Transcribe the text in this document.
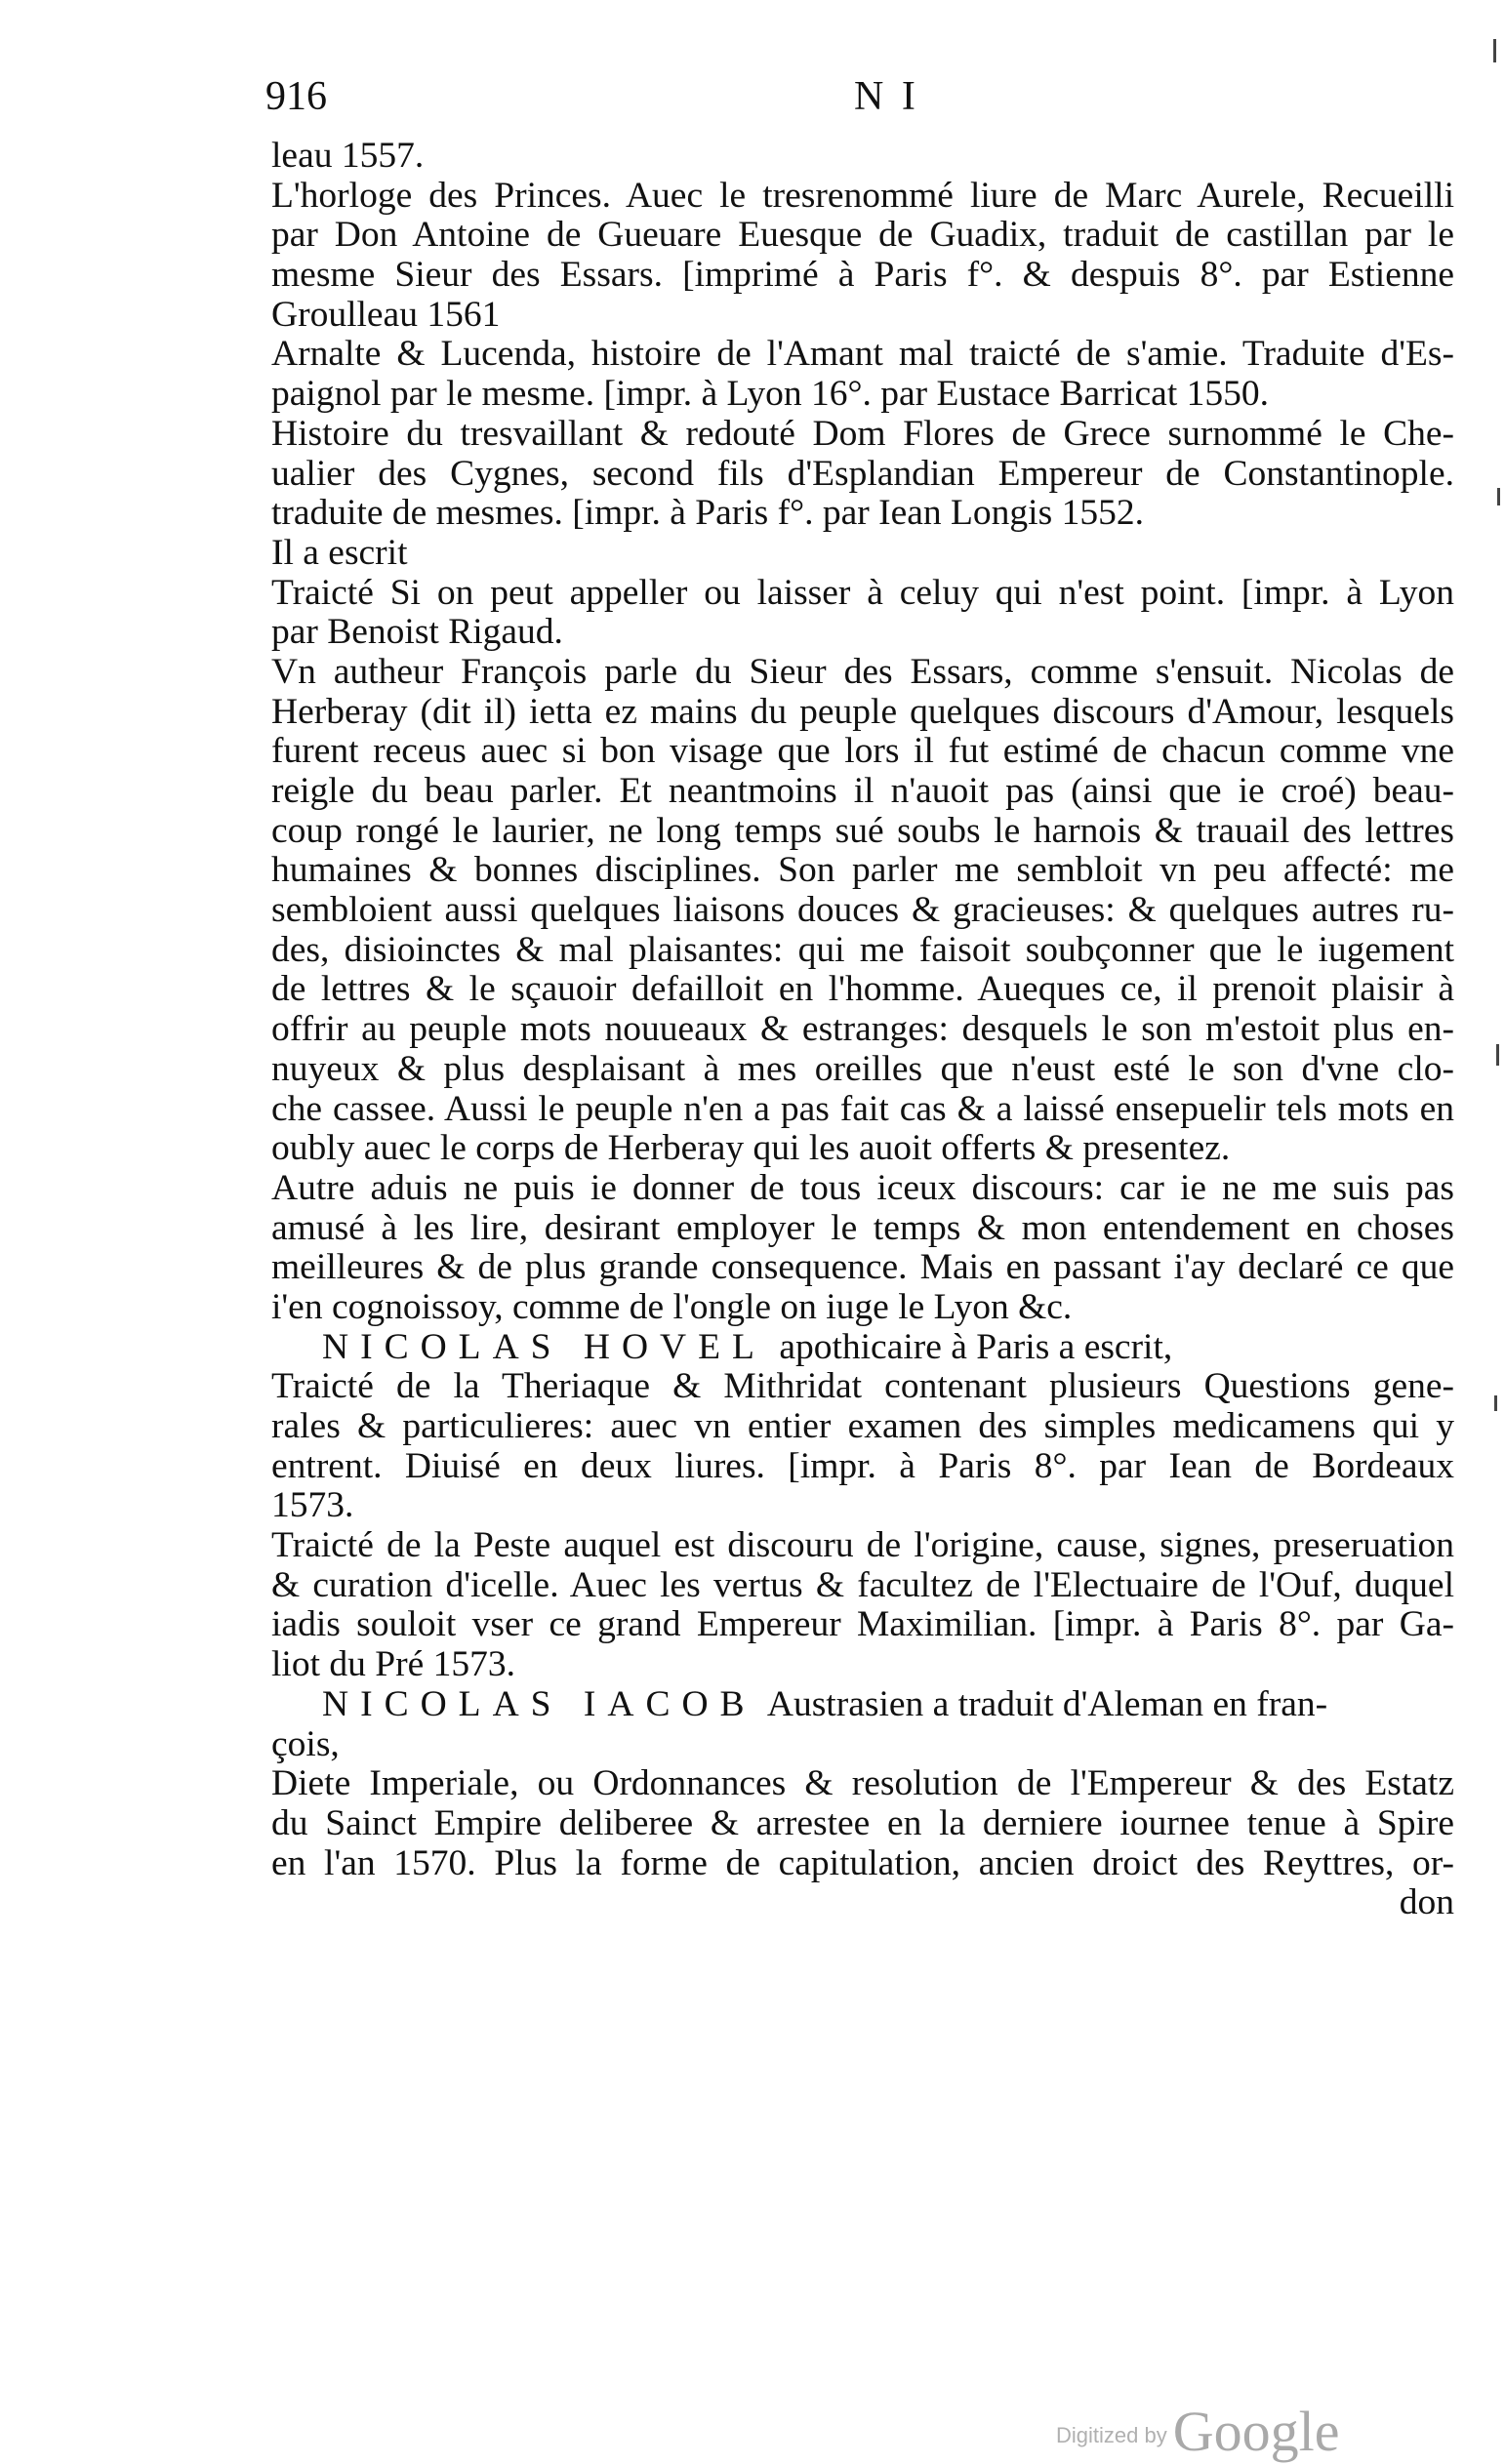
916	N I
leau 1557.
L'horloge des Princes. Auec le tresrenommé liure de Marc Aurele, Recueilli
par Don Antoine de Gueuare Euesque de Guadix, traduit de castillan par le
mesme Sieur des Essars. [imprimé à Paris f°. & despuis 8°. par Estienne
Groulleau 1561
Arnalte & Lucenda, histoire de l'Amant mal traicté de s'amie. Traduite d'Es-
paignol par le mesme. [impr. à Lyon 16°. par Eustace Barricat 1550.
Histoire du tresvaillant & redouté Dom Flores de Grece surnommé le Che-
ualier des Cygnes, second fils d'Esplandian Empereur de Constantinople.
traduite de mesmes. [impr. à Paris f°. par Iean Longis 1552.
Il a escrit
Traicté Si on peut appeller ou laisser à celuy qui n'est point. [impr. à Lyon
par Benoist Rigaud.
Vn autheur François parle du Sieur des Essars, comme s'ensuit. Nicolas de
Herberay (dit il) ietta ez mains du peuple quelques discours d'Amour, lesquels
furent receus auec si bon visage que lors il fut estimé de chacun comme vne
reigle du beau parler. Et neantmoins il n'auoit pas (ainsi que ie croé) beau-
coup rongé le laurier, ne long temps sué soubs le harnois & trauail des lettres
humaines & bonnes disciplines. Son parler me sembloit vn peu affecté: me
sembloient aussi quelques liaisons douces & gracieuses: & quelques autres ru-
des, disioinctes & mal plaisantes: qui me faisoit soubçonner que le iugement
de lettres & le sçauoir defailloit en l'homme. Aueques ce, il prenoit plaisir à
offrir au peuple mots nouueaux & estranges: desquels le son m'estoit plus en-
nuyeux & plus desplaisant à mes oreilles que n'eust esté le son d'vne clo-
che cassee. Aussi le peuple n'en a pas fait cas & a laissé ensepuelir tels mots en
oubly auec le corps de Herberay qui les auoit offerts & presentez.
Autre aduis ne puis ie donner de tous iceux discours: car ie ne me suis pas
amusé à les lire, desirant employer le temps & mon entendement en choses
meilleures & de plus grande consequence. Mais en passant i'ay declaré ce que
i'en cognoissoy, comme de l'ongle on iuge le Lyon &c.
NICOLAS HOVEL apothicaire à Paris a escrit,
Traicté de la Theriaque & Mithridat contenant plusieurs Questions gene-
rales & particulieres: auec vn entier examen des simples medicamens qui y
entrent. Diuisé en deux liures. [impr. à Paris 8°. par Iean de Bordeaux
1573.
Traicté de la Peste auquel est discouru de l'origine, cause, signes, preseruation
& curation d'icelle. Auec les vertus & facultez de l'Electuaire de l'Ouf, duquel
iadis souloit vser ce grand Empereur Maximilian. [impr. à Paris 8°. par Ga-
liot du Pré 1573.
NICOLAS IACOB Austrasien a traduit d'Aleman en fran-
çois,
Diete Imperiale, ou Ordonnances & resolution de l'Empereur & des Estatz
du Sainct Empire deliberee & arrestee en la derniere iournee tenue à Spire
en l'an 1570. Plus la forme de capitulation, ancien droict des Reyttres, or-
don
Digitized by Google
